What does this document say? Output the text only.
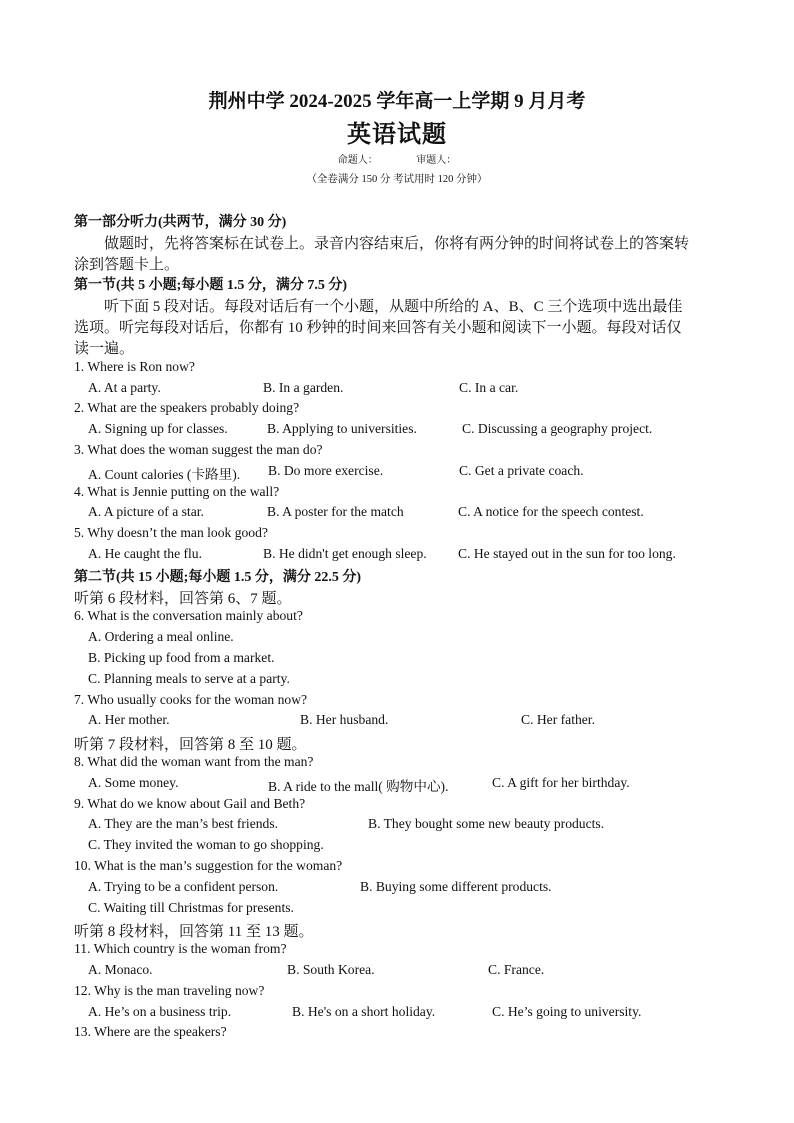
荆州中学 2024-2025 学年高一上学期 9 月月考
英语试题
命题人：	审题人：
（全卷满分 150 分 考试用时 120 分钟）
第一部分听力(共两节，满分 30 分)
做题时，先将答案标在试卷上。录音内容结束后，你将有两分钟的时间将试卷上的答案转
涂到答题卡上。
第一节(共 5 小题;每小题 1.5 分，满分 7.5 分)
听下面 5 段对话。每段对话后有一个小题，从题中所给的 A、B、C 三个选项中选出最佳
选项。听完每段对话后，你都有 10 秒钟的时间来回答有关小题和阅读下一小题。每段对话仅
读一遍。
1. Where is Ron now?
A. At a party.	B. In a garden.	C. In a car.
2. What are the speakers probably doing?
A. Signing up for classes.	B. Applying to universities.	C. Discussing a geography project.
3. What does the woman suggest the man do?
A. Count calories (卡路里). B. Do more exercise.	C. Get a private coach.
4. What is Jennie putting on the wall?
A. A picture of a star.	B. A poster for the match	C. A notice for the speech contest.
5. Why doesn’t the man look good?
A. He caught the flu.	B. He didn't get enough sleep. C. He stayed out in the sun for too long.
第二节(共 15 小题;每小题 1.5 分，满分 22.5 分)
听第 6 段材料，回答第 6、7 题。
6. What is the conversation mainly about?
A. Ordering a meal online.
B. Picking up food from a market.
C. Planning meals to serve at a party.
7. Who usually cooks for the woman now?
A. Her mother.	B. Her husband.	C. Her father.
听第 7 段材料，回答第 8 至 10 题。
8. What did the woman want from the man?
A. Some money.	B. A ride to the mall( 购物中心).	C. A gift for her birthday.
9. What do we know about Gail and Beth?
A. They are the man’s best friends.	B. They bought some new beauty products.
C. They invited the woman to go shopping.
10. What is the man’s suggestion for the woman?
A. Trying to be a confident person.	B. Buying some different products.
C. Waiting till Christmas for presents.
听第 8 段材料，回答第 11 至 13 题。
11. Which country is the woman from?
A. Monaco.	B. South Korea.	C. France.
12. Why is the man traveling now?
A. He’s on a business trip.	B. He's on a short holiday.	C. He’s going to university.
13. Where are the speakers?
